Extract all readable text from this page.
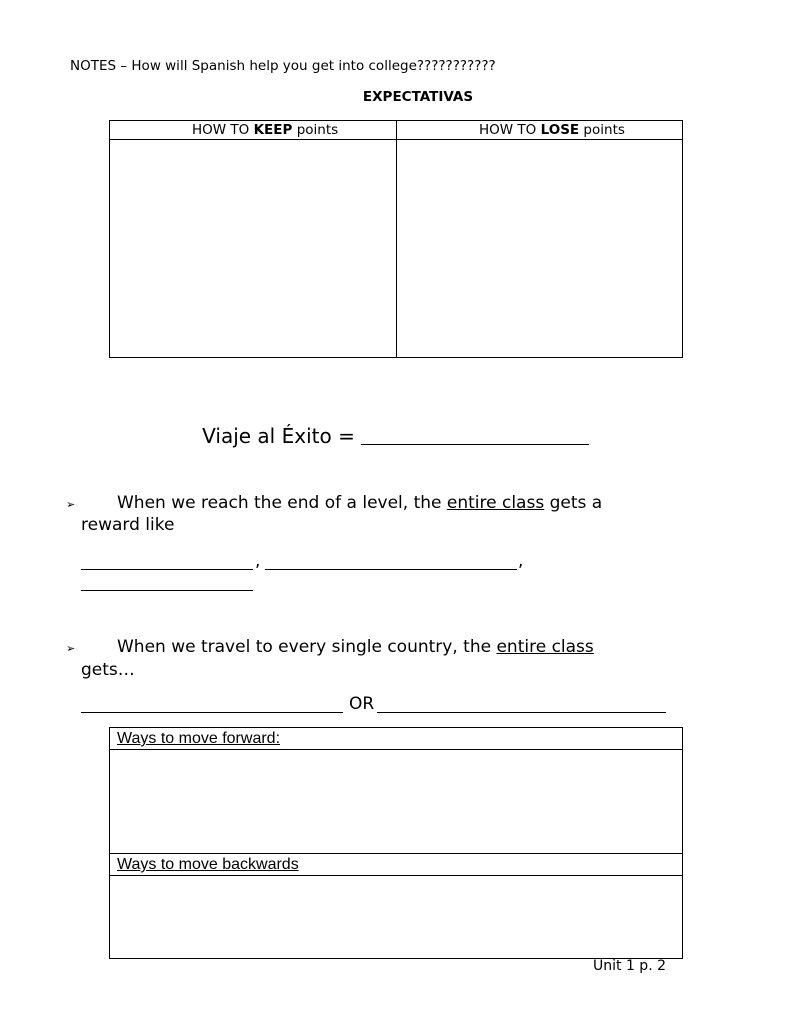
NOTES – How will Spanish help you get into college???????????
EXPECTATIVAS
HOW TO KEEP points	HOW TO LOSE points
Viaje al Éxito =
➢ When we reach the end of a level, the entire class gets a
reward like
,	,
➢ When we travel to every single country, the entire class
gets…
OR
Ways to move forward:
Ways to move backwards
Unit 1 p. 2
